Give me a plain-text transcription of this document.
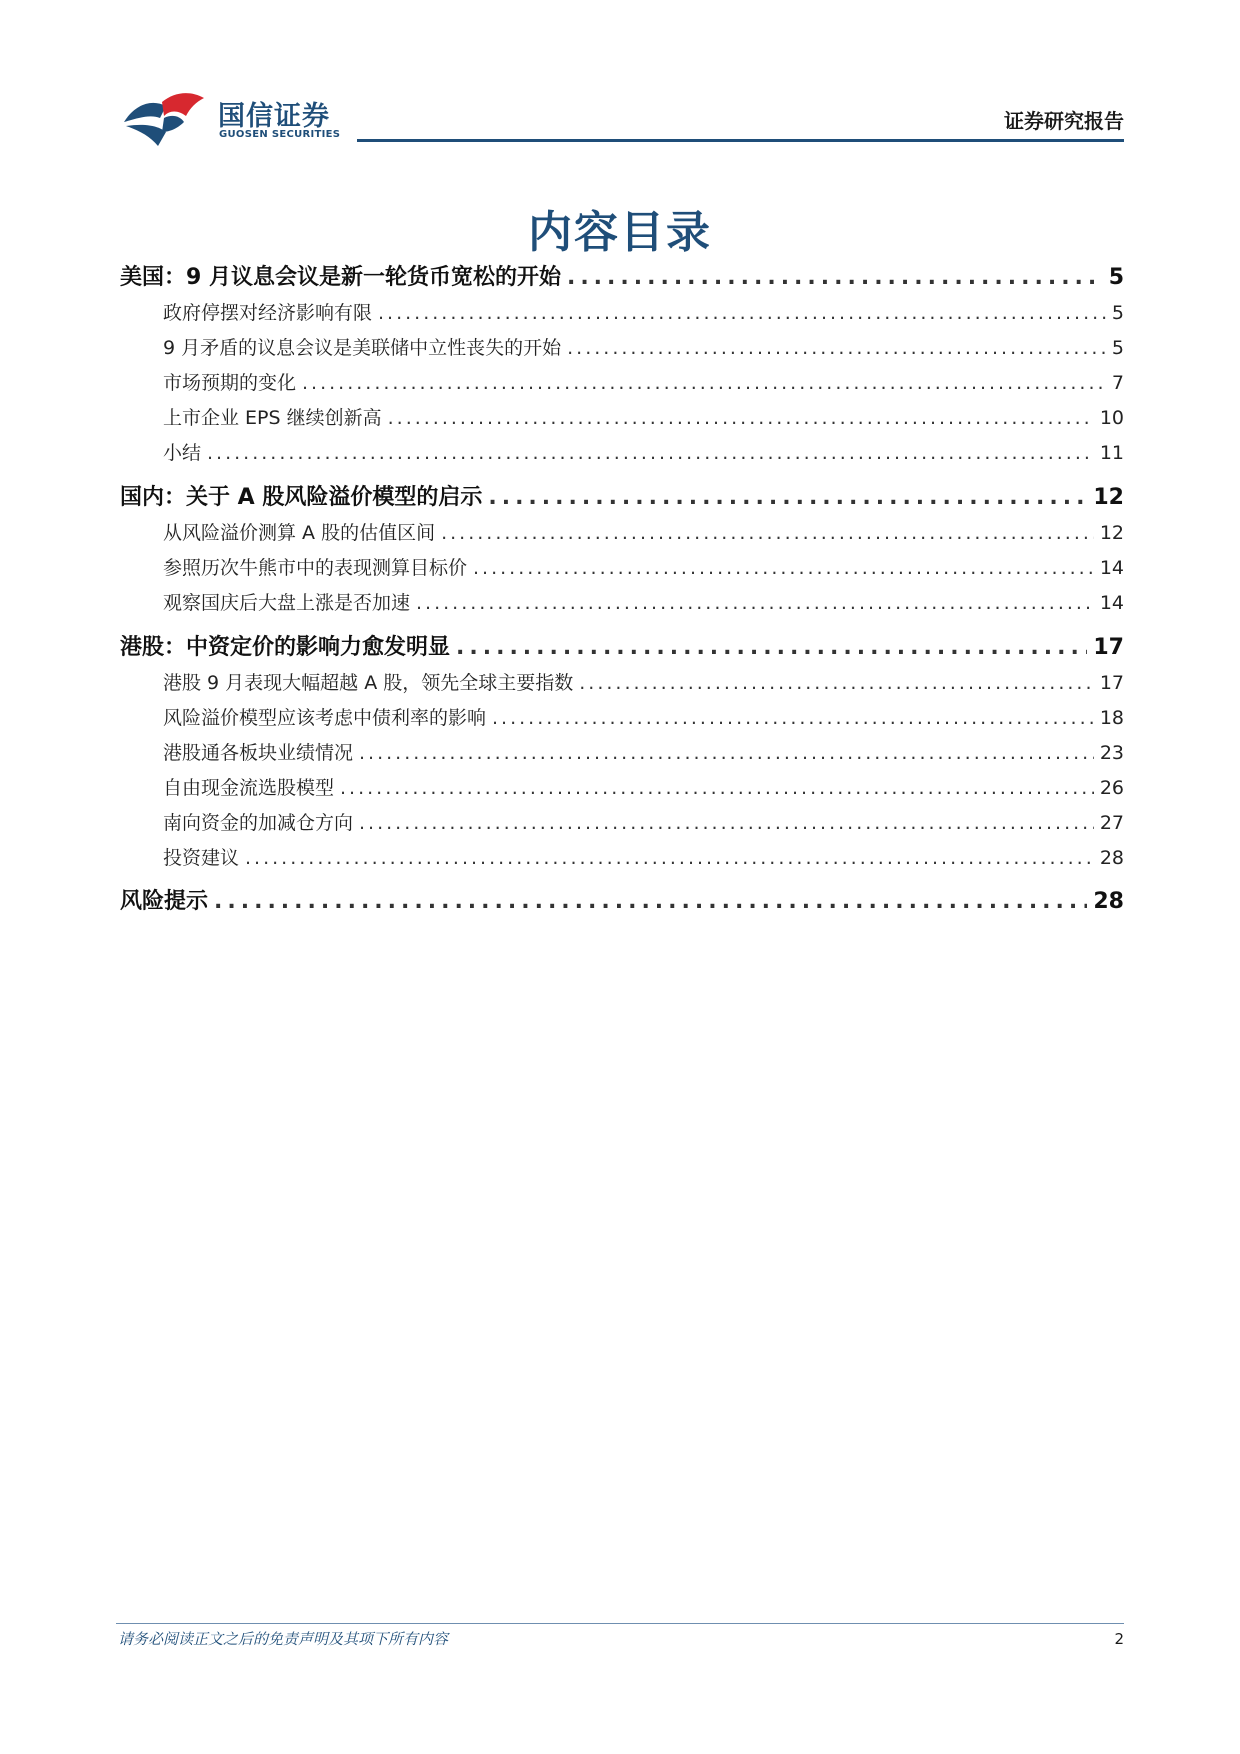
国信证券
GUOSEN SECURITIES
证券研究报告
内容目录
美国：9 月议息会议是新一轮货币宽松的开始 .....	5
政府停摆对经济影响有限 .....	5
9 月矛盾的议息会议是美联储中立性丧失的开始 .....	5
市场预期的变化 .....	7
上市企业 EPS 继续创新高 .....	10
小结 .....	11
国内：关于 A 股风险溢价模型的启示 .....	12
从风险溢价测算 A 股的估值区间 .....	12
参照历次牛熊市中的表现测算目标价 .....	14
观察国庆后大盘上涨是否加速 .....	14
港股：中资定价的影响力愈发明显 .....	17
港股 9 月表现大幅超越 A 股，领先全球主要指数 .....	17
风险溢价模型应该考虑中债利率的影响 .....	18
港股通各板块业绩情况 .....	23
自由现金流选股模型 .....	26
南向资金的加减仓方向 .....	27
投资建议 .....	28
风险提示 .....	28
请务必阅读正文之后的免责声明及其项下所有内容	2
